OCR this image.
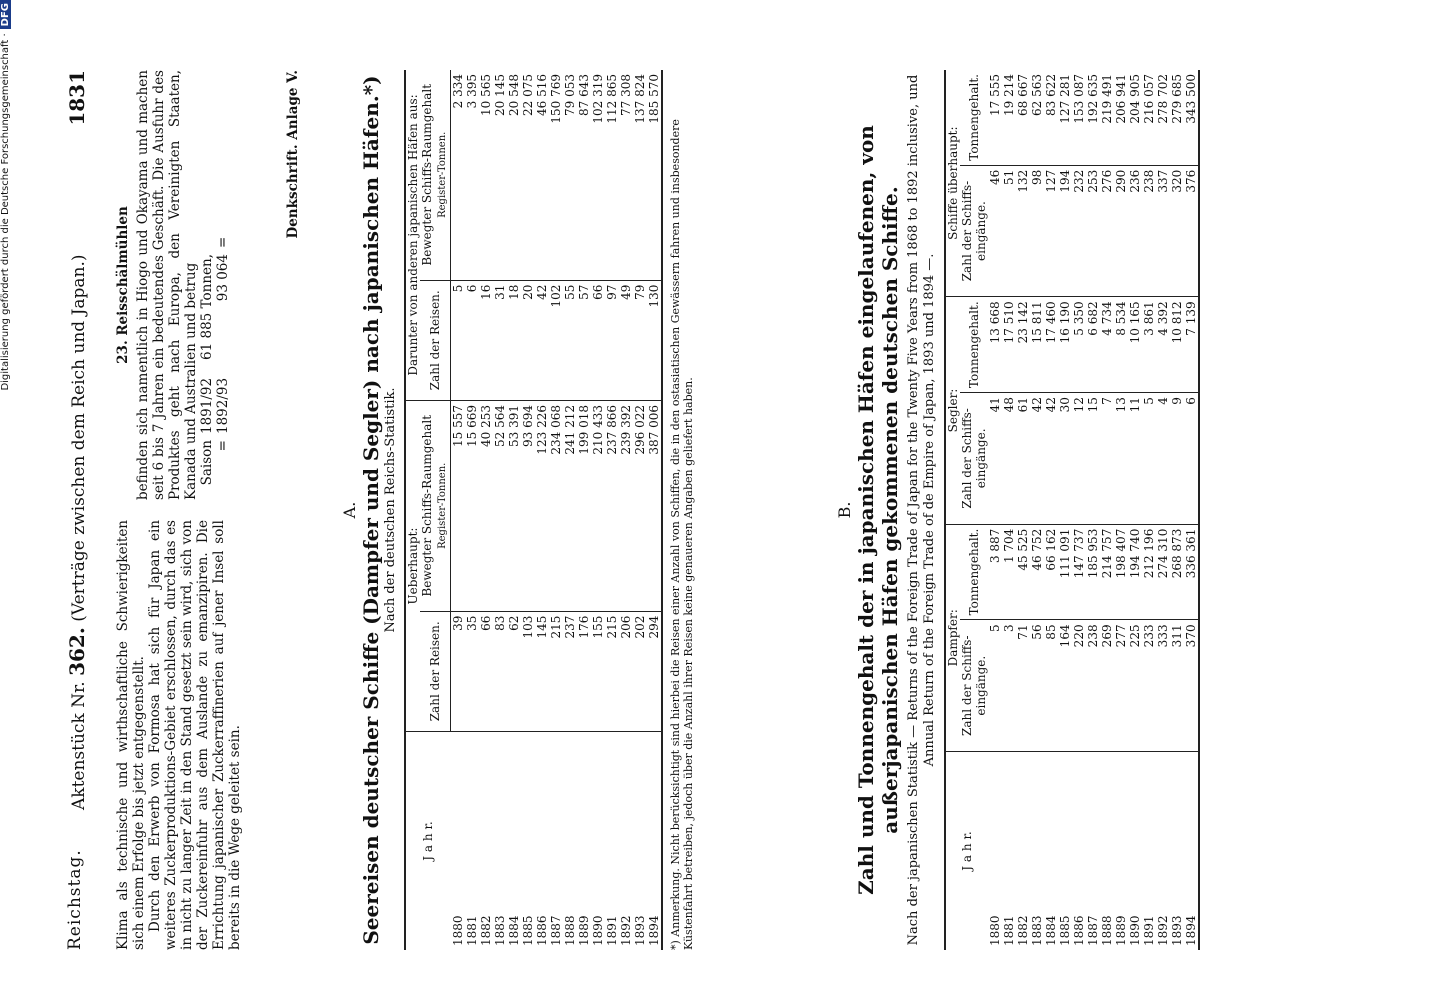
Digitalisierung gefördert durch die Deutsche Forschungsgemeinschaft ·DFG
Reichstag.
Aktenstück Nr. 362. (Verträge zwischen dem Reich und Japan.)
1831

Klima als technische und wirthschaftliche Schwierigkeiten sich einem Erfolge bis jetzt entgegenstellt. Durch den Erwerb von Formosa hat sich für Japan ein weiteres Zuckerproduktions-Gebiet erschlossen, durch das es in nicht zu langer Zeit in den Stand gesetzt sein wird, sich von der Zuckereinfuhr aus dem Auslande zu emanzipiren. Die Errichtung japanischer Zuckerraffinerien auf jener Insel soll bereits in die Wege geleitet sein.

23. Reisschälmühlen befinden sich namentlich in Hiogo und Okayama und machen seit 6 bis 7 Jahren ein bedeutendes Geschäft. Die Ausfuhr des Produktes geht nach Europa, den Vereinigten Staaten, Kanada und Australien und betrug Saison
1891/92
61 885 Tonnen,
=
1892/93
93 064
=
Denkschrift. Anlage V.

A. Seereisen deutscher Schiffe (Dampfer und Segler) nach japanischen Häfen.*) Nach der deutschen Reichs-Statistik.

J a h r.	Ueberhaupt:		Darunter von anderen japanischen Häfen aus:	
	Zahl der Reisen.	Bewegter Schiffs-Raumgehalt Register-Tonnen.	Zahl der Reisen.	Bewegter Schiffs-Raumgehalt Register-Tonnen.
1880	39	15 557	5	2 334
1881	35	15 669	6	3 395
1882	66	40 253	16	10 565
1883	83	52 564	31	20 145
1884	62	53 391	18	20 548
1885	103	93 694	20	22 075
1886	145	123 226	42	46 516
1887	215	234 068	102	150 769
1888	237	241 212	55	79 053
1889	176	199 018	57	87 643
1890	155	210 433	66	102 319
1891	215	237 866	97	112 865
1892	206	239 392	49	77 308
1893	202	296 022	79	137 824
1894	294	387 006	130	185 570

*) Anmerkung. Nicht berücksichtigt sind hierbei die Reisen einer Anzahl von Schiffen, die in den ostasiatischen Gewässern fahren und insbesondere Küstenfahrt betreiben, jedoch über die Anzahl ihrer Reisen keine genaueren Angaben geliefert haben.	B. Zahl und Tonnengehalt der in japanischen Häfen eingelaufenen, von außerjapanischen Häfen gekommenen deutschen Schiffe. Nach der japanischen Statistik — Returns of the Foreign Trade of Japan for the Twenty Five Years from 1868 to 1892 inclusive, und Annual Return of the Foreign Trade of de Empire of Japan, 1893 und 1894 —.

J a h r.	Dampfer:		Segler:		Schiffe überhaupt:	
	Zahl der Schiffs-eingänge.	Tonnengehalt.	Zahl der Schiffs-eingänge.	Tonnengehalt.	Zahl der Schiffs-eingänge.	Tonnengehalt.
1880	5	3 887	41	13 668	46	17 555
1881	3	1 704	48	17 510	51	19 214
1882	71	45 525	61	23 142	132	68 667
1883	56	46 752	42	15 811	98	62 563
1884	85	66 162	42	17 460	127	83 622
1885	164	111 091	30	16 190	194	127 281
1886	220	147 737	12	5 350	232	153 087
1887	238	185 953	15	6 682	253	192 635
1888	269	214 757	7	4 734	276	219 491
1889	277	198 407	13	8 534	290	206 941
1890	225	194 740	11	10 165	236	204 905
1891	233	212 196	5	3 861	238	216 057
1892	333	274 310	4	4 392	337	278 702
1893	311	268 873	9	10 812	320	279 685
1894	370	336 361	6	7 139	376	343 500
